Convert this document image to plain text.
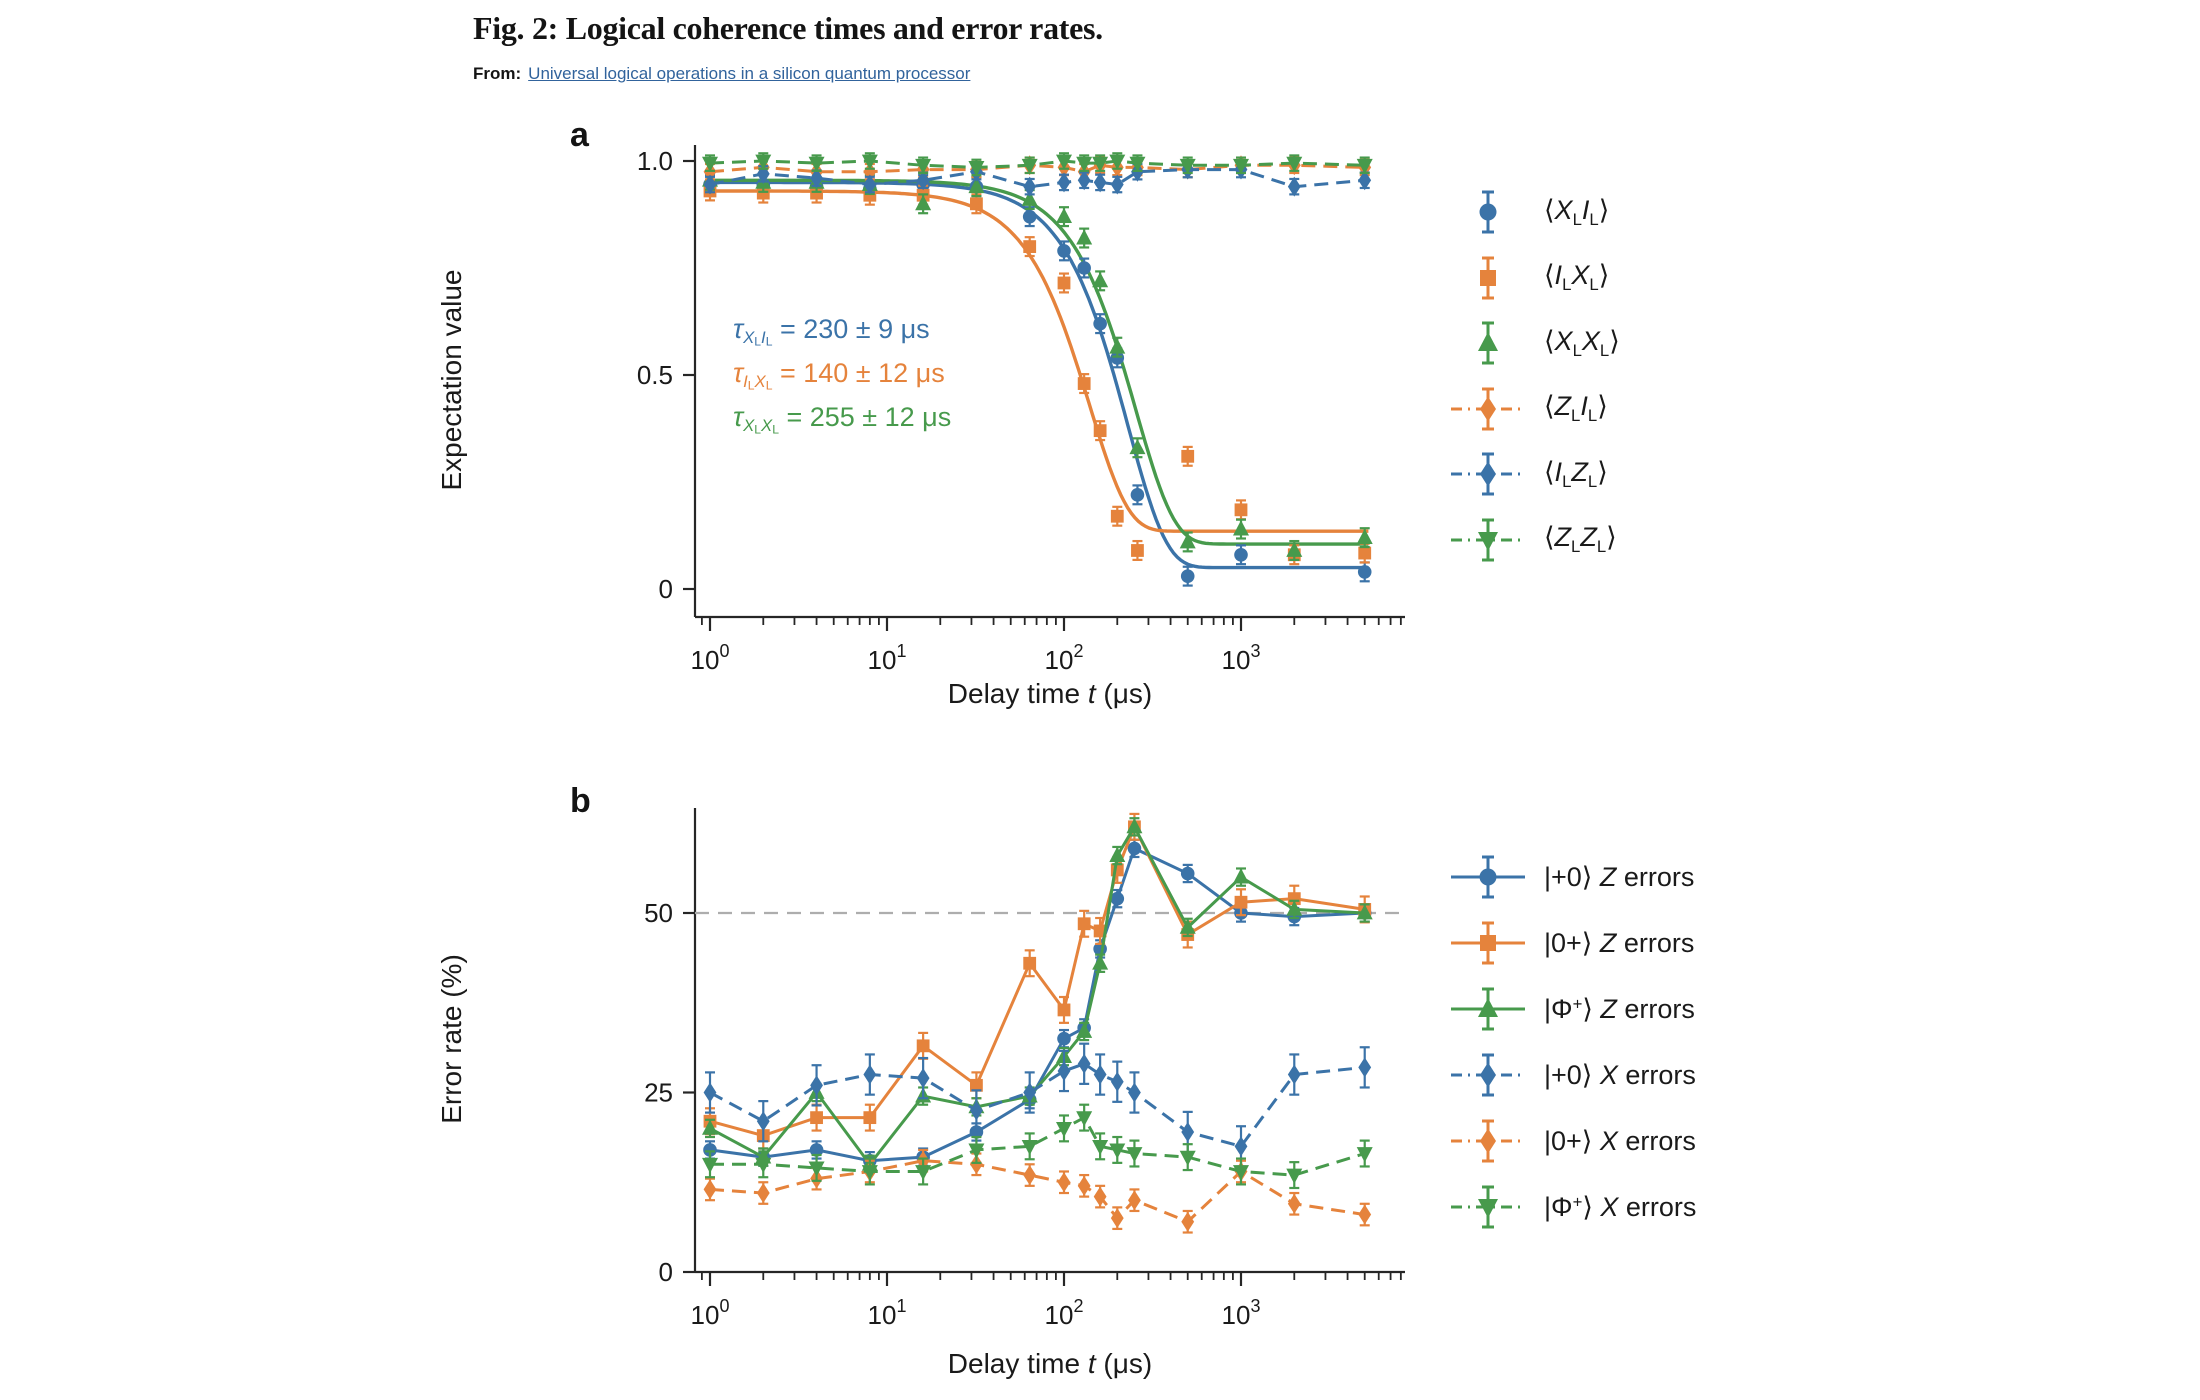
Fig. 2: Logical coherence times and error rates.
From: Universal logical operations in a silicon quantum processor
a
b
Expectation value
Error rate (%)
Delay time t (μs)
Delay time t (μs)
$\tau X_LI_L = 230 \pm 9$ μs
$\tau I_LX_L = 140 \pm 12$ μs
$\tau X_LX_L = 255 \pm 12$ μs
$10^0$	$10^1$	$10^2$	$10^3$
1.0
0.5
0
$10^0$	$10^1$	$10^2$	$10^3$
50
25
0
$⟨X_LI_L⟩$
$⟨I_LX_L⟩$
$⟨X_LX_L⟩$
$⟨Z_LI_L⟩$
$⟨I_LZ_L⟩$
$⟨Z_LZ_L⟩$
|+0⟩ Z errors
|0+⟩ Z errors
|Φ+⟩ Z errors
|+0⟩ X errors
|0+⟩ X errors
|Φ+⟩ X errors
